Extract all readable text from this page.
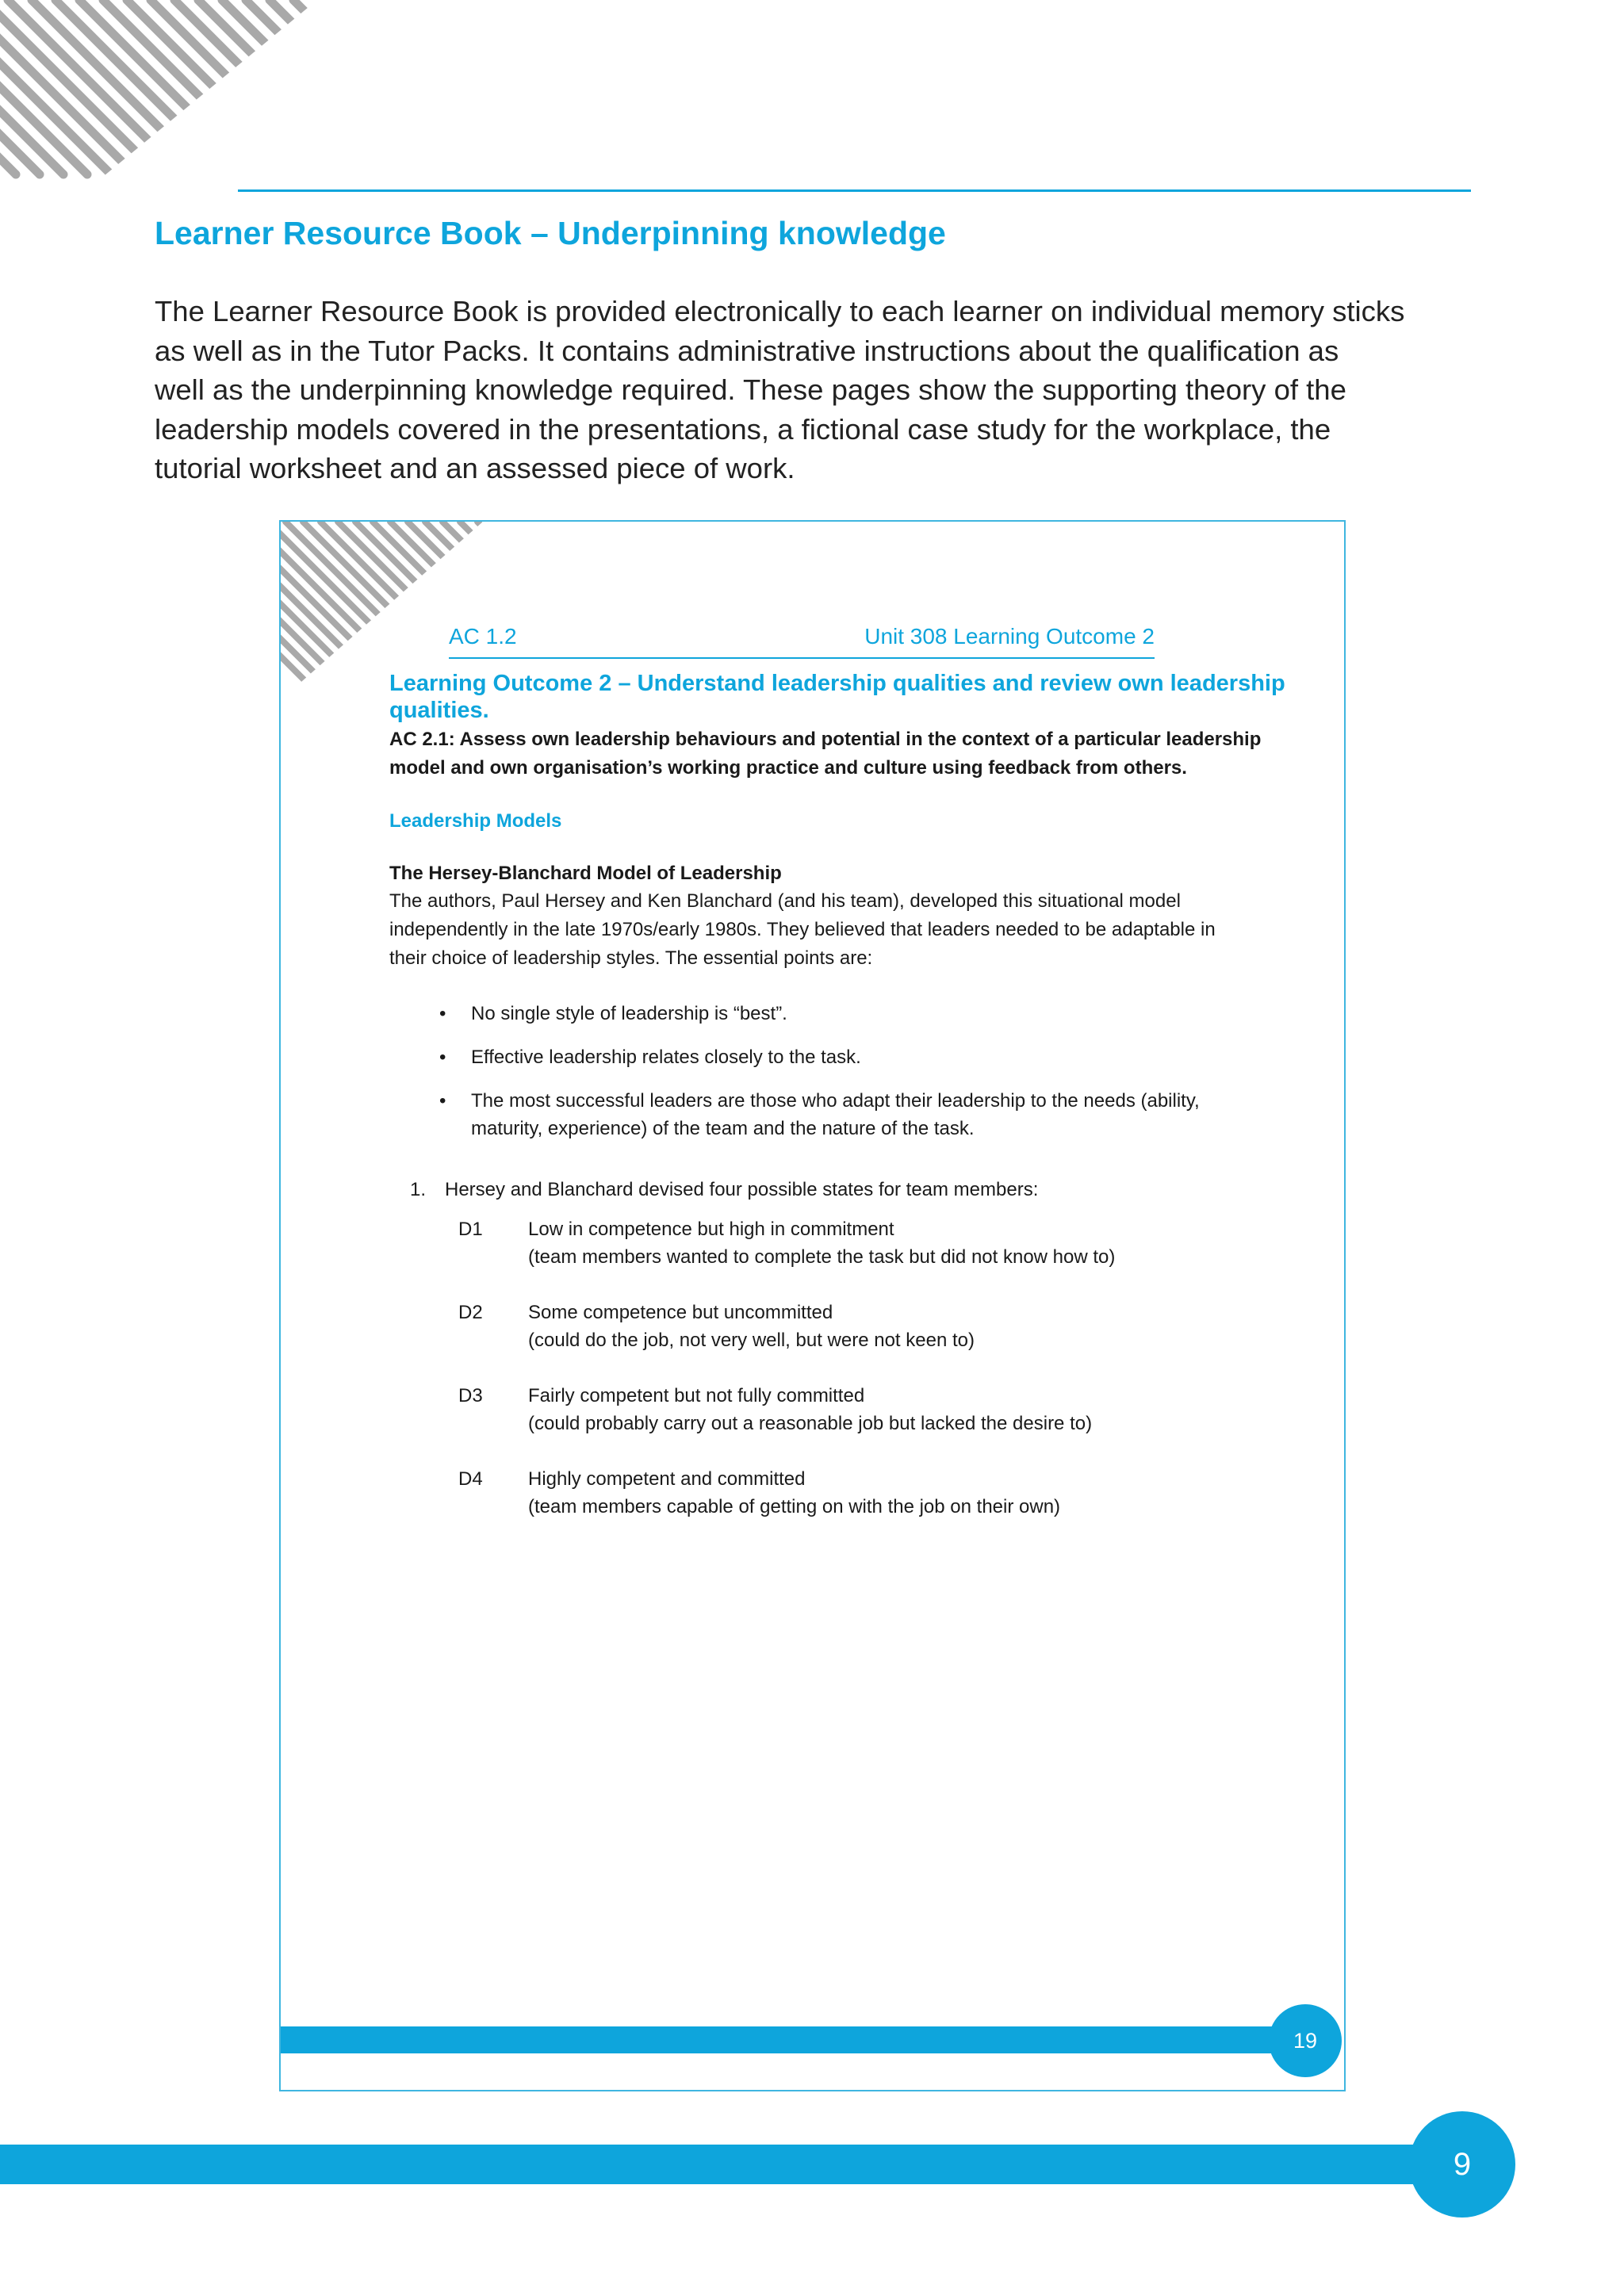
Learner Resource Book – Underpinning knowledge

The Learner Resource Book is provided electronically to each learner on individual memory sticks
as well as in the Tutor Packs. It contains administrative instructions about the qualification as
well as the underpinning knowledge required. These pages show the supporting theory of the
leadership models covered in the presentations, a fictional case study for the workplace, the
tutorial worksheet and an assessed piece of work.

AC 1.2	Unit 308 Learning Outcome 2

Learning Outcome 2 – Understand leadership qualities and review own leadership
qualities.

AC 2.1: Assess own leadership behaviours and potential in the context of a particular leadership
model and own organisation’s working practice and culture using feedback from others.

Leadership Models

The Hersey-Blanchard Model of Leadership

The authors, Paul Hersey and Ken Blanchard (and his team), developed this situational model
independently in the late 1970s/early 1980s. They believed that leaders needed to be adaptable in
their choice of leadership styles. The essential points are:

• No single style of leadership is “best”.
• Effective leadership relates closely to the task.
• The most successful leaders are those who adapt their leadership to the needs (ability, maturity, experience) of the team and the nature of the task.
1. Hersey and Blanchard devised four possible states for team members:
D1	Low in competence but high in commitment
(team members wanted to complete the task but did not know how to)
D2	Some competence but uncommitted
(could do the job, not very well, but were not keen to)
D3	Fairly competent but not fully committed
(could probably carry out a reasonable job but lacked the desire to)
D4	Highly competent and committed
(team members capable of getting on with the job on their own)
19
9
